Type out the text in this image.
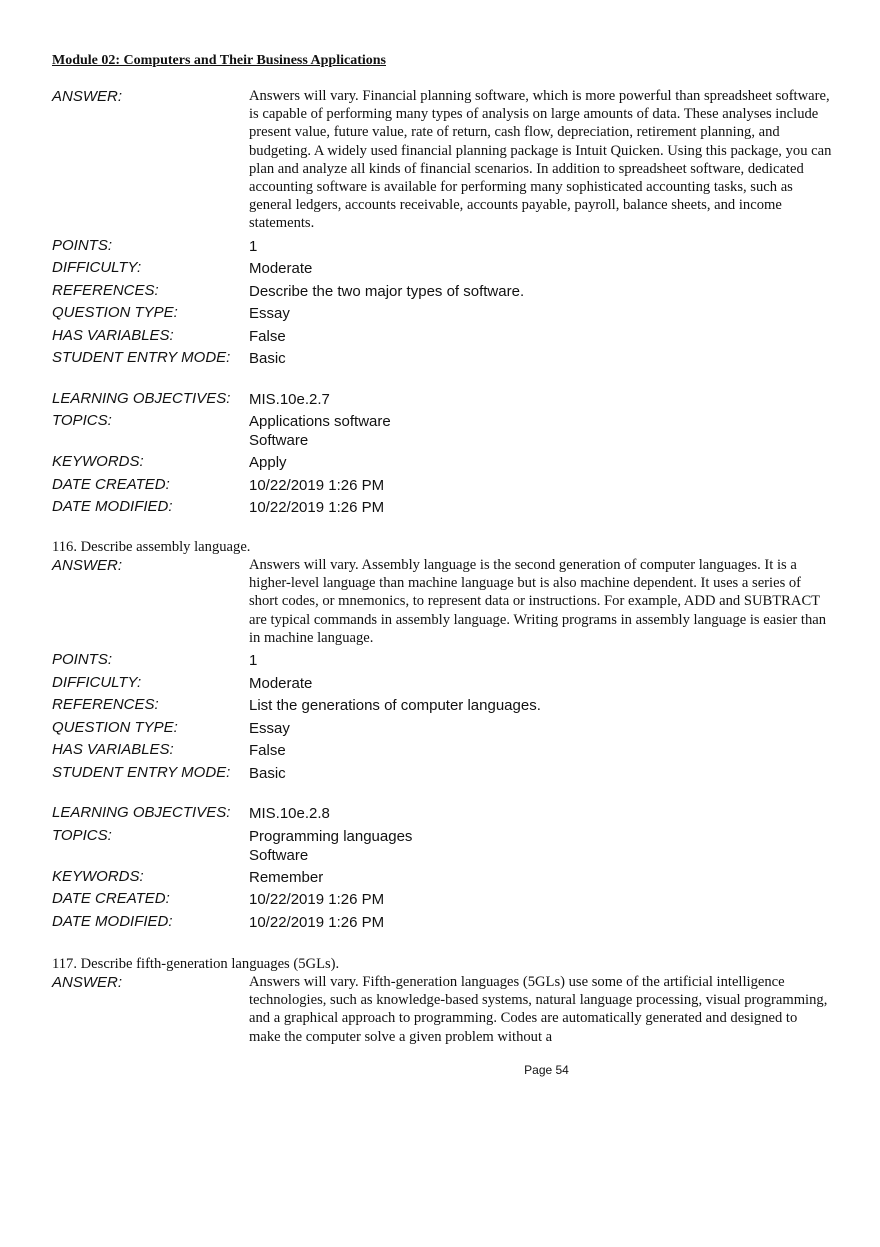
Module 02: Computers and Their Business Applications
ANSWER:	Answers will vary. Financial planning software, which is more powerful than spreadsheet software, is capable of performing many types of analysis on large amounts of data. These analyses include present value, future value, rate of return, cash flow, depreciation, retirement planning, and budgeting. A widely used financial planning package is Intuit Quicken. Using this package, you can plan and analyze all kinds of financial scenarios. In addition to spreadsheet software, dedicated accounting software is available for performing many sophisticated accounting tasks, such as general ledgers, accounts receivable, accounts payable, payroll, balance sheets, and income statements.
POINTS:	1
DIFFICULTY:	Moderate
REFERENCES:	Describe the two major types of software.
QUESTION TYPE:	Essay
HAS VARIABLES:	False
STUDENT ENTRY MODE: Basic
LEARNING OBJECTIVES: MIS.10e.2.7
TOPICS:	Applications software
Software
KEYWORDS:	Apply
DATE CREATED:	10/22/2019 1:26 PM
DATE MODIFIED:	10/22/2019 1:26 PM
116. Describe assembly language.
ANSWER:	Answers will vary. Assembly language is the second generation of computer languages. It is a higher-level language than machine language but is also machine dependent. It uses a series of short codes, or mnemonics, to represent data or instructions. For example, ADD and SUBTRACT are typical commands in assembly language. Writing programs in assembly language is easier than in machine language.
POINTS:	1
DIFFICULTY:	Moderate
REFERENCES:	List the generations of computer languages.
QUESTION TYPE:	Essay
HAS VARIABLES:	False
STUDENT ENTRY MODE: Basic
LEARNING OBJECTIVES: MIS.10e.2.8
TOPICS:	Programming languages
Software
KEYWORDS:	Remember
DATE CREATED:	10/22/2019 1:26 PM
DATE MODIFIED:	10/22/2019 1:26 PM
117. Describe fifth-generation languages (5GLs).
ANSWER:	Answers will vary. Fifth-generation languages (5GLs) use some of the artificial intelligence technologies, such as knowledge-based systems, natural language processing, visual programming, and a graphical approach to programming. Codes are automatically generated and designed to make the computer solve a given problem without a
Page 54
